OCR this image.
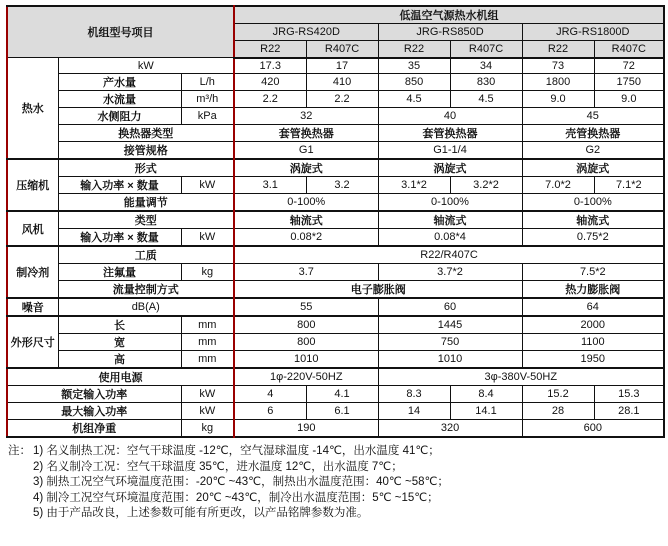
机组型号项目			低温空气源热水机组					
			JRG-RS420D		JRG-RS850D		JRG-RS1800D	
			R22	R407C	R22	R407C	R22	R407C
热水	kW		17.3	17	35	34	73	72
	产水量	L/h	420	410	850	830	1800	1750
	水流量	m³/h	2.2	2.2	4.5	4.5	9.0	9.0
	水侧阻力	kPa	32		40		45	
	换热器类型		套管换热器		套管换热器		壳管换热器	
	接管规格		G1		G1-1/4		G2	
压缩机	形式		涡旋式		涡旋式		涡旋式	
	输入功率 × 数量	kW	3.1	3.2	3.1*2	3.2*2	7.0*2	7.1*2
	能量调节		0-100%		0-100%		0-100%	
风机	类型		轴流式		轴流式		轴流式	
	输入功率 × 数量	kW	0.08*2		0.08*4		0.75*2	
制冷剂	工质		R22/R407C					
	注氟量	kg	3.7		3.7*2		7.5*2	
	流量控制方式		电子膨胀阀				热力膨胀阀	
噪音	dB(A)		55		60		64	
外形尺寸	长	mm	800		1445		2000	
	宽	mm	800		750		1100	
	高	mm	1010		1010		1950	
使用电源			1φ-220V-50HZ		3φ-380V-50HZ			
额定输入功率		kW	4	4.1	8.3	8.4	15.2	15.3
最大输入功率		kW	6	6.1	14	14.1	28	28.1
机组净重		kg	190		320		600	
注： 1) 名义制热工况：空气干球温度 -12℃，空气湿球温度 -14℃，出水温度 41℃；
2) 名义制冷工况：空气干球温度 35℃，进水温度 12℃，出水温度 7℃；
3) 制热工况空气环境温度范围：-20℃ ~43℃，制热出水温度范围：40℃ ~58℃；
4) 制冷工况空气环境温度范围：20℃ ~43℃，制冷出水温度范围：5℃ ~15℃；
5) 由于产品改良，上述参数可能有所更改，以产品铭牌参数为准。
